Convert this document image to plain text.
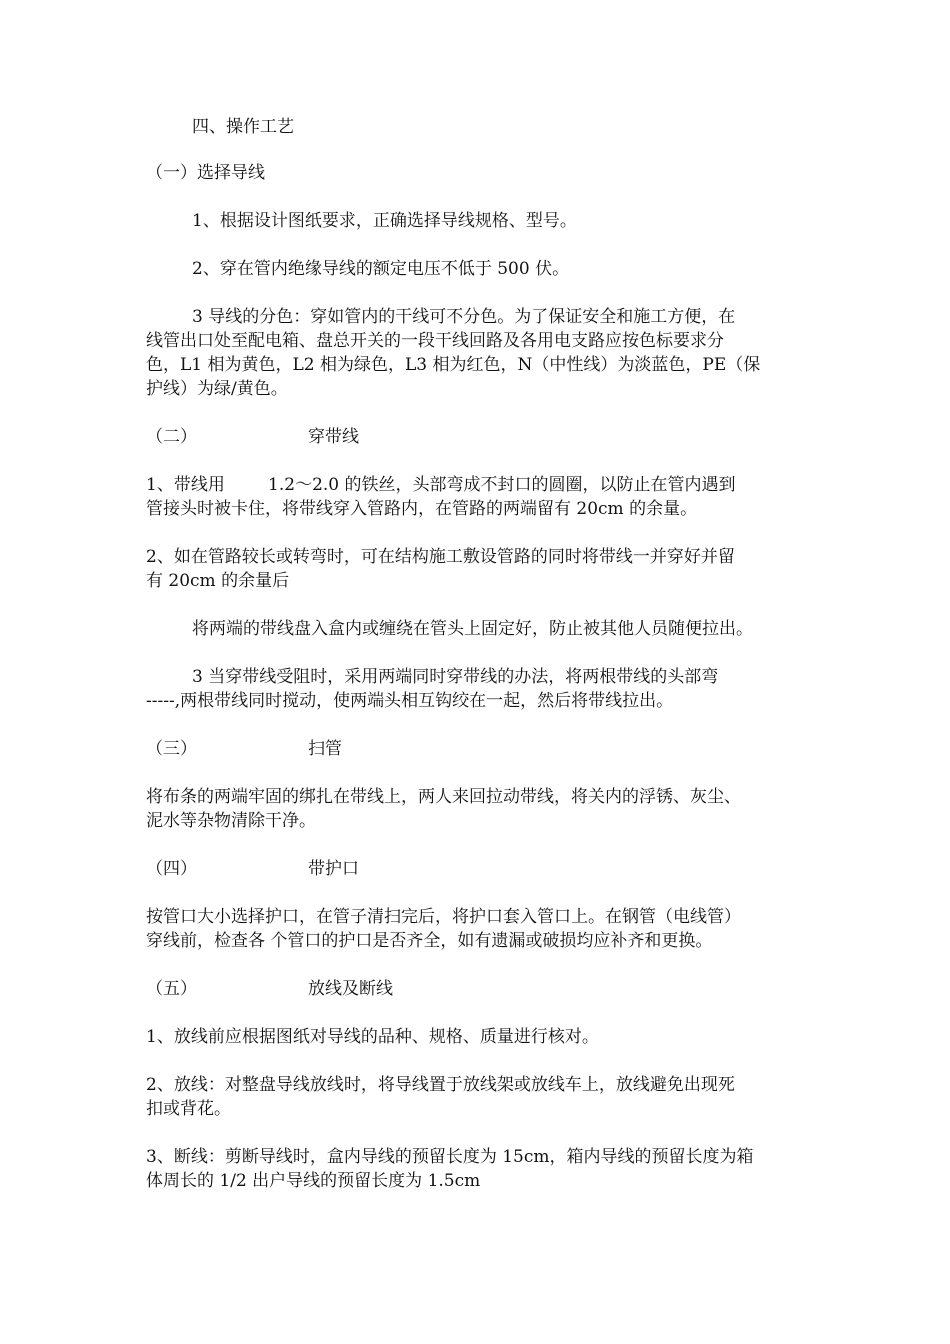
四、操作工艺
（一）选择导线
1、根据设计图纸要求，正确选择导线规格、型号。
2、穿在管内绝缘导线的额定电压不低于 500 伏。
3 导线的分色：穿如管内的干线可不分色。为了保证安全和施工方便，在
线管出口处至配电箱、盘总开关的一段干线回路及各用电支路应按色标要求分
色，L1 相为黄色，L2 相为绿色，L3 相为红色，N（中性线）为淡蓝色，PE（保
护线）为绿/黄色。
（二）	穿带线
1、带线用        1.2～2.0 的铁丝，头部弯成不封口的圆圈，以防止在管内遇到
管接头时被卡住，将带线穿入管路内，在管路的两端留有 20cm 的余量。
2、如在管路较长或转弯时，可在结构施工敷设管路的同时将带线一并穿好并留
有 20cm 的余量后
将两端的带线盘入盒内或缠绕在管头上固定好，防止被其他人员随便拉出。
3 当穿带线受阻时，采用两端同时穿带线的办法，将两根带线的头部弯
-----,两根带线同时搅动，使两端头相互钩绞在一起，然后将带线拉出。
（三）	扫管
将布条的两端牢固的绑扎在带线上，两人来回拉动带线，将关内的浮锈、灰尘、
泥水等杂物清除干净。
（四）	带护口
按管口大小选择护口，在管子清扫完后，将护口套入管口上。在钢管（电线管）
穿线前，检查各 个管口的护口是否齐全，如有遗漏或破损均应补齐和更换。
（五）	放线及断线
1、放线前应根据图纸对导线的品种、规格、质量进行核对。
2、放线：对整盘导线放线时，将导线置于放线架或放线车上，放线避免出现死
扣或背花。
3、断线：剪断导线时，盒内导线的预留长度为 15cm，箱内导线的预留长度为箱
体周长的 1/2 出户导线的预留长度为 1.5cm
